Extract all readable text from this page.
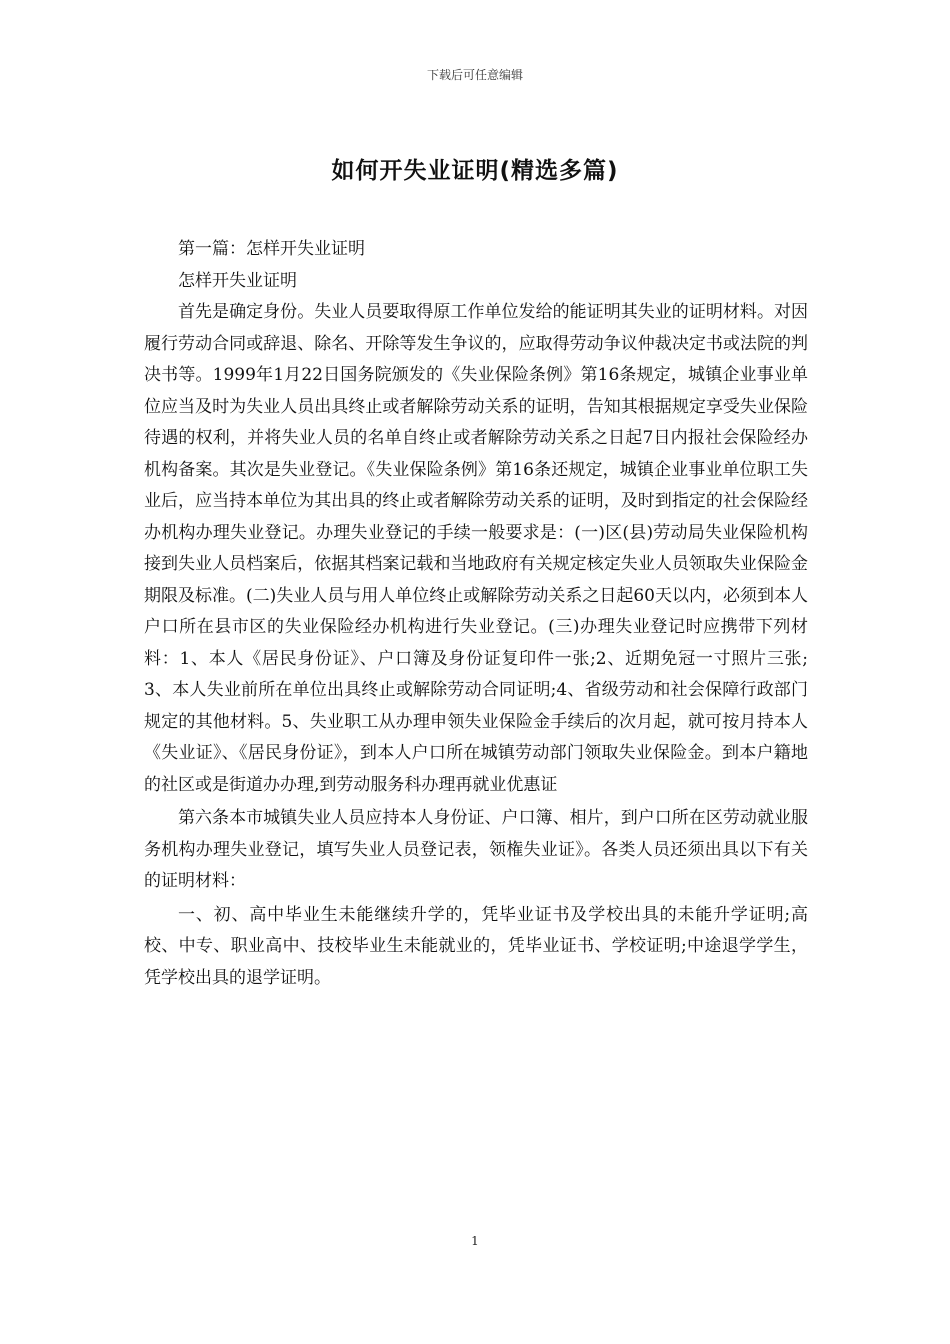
下载后可任意编辑
如何开失业证明(精选多篇)

第一篇：怎样开失业证明

怎样开失业证明

首先是确定身份。失业人员要取得原工作单位发给的能证明其失业的证明材料。对因履行劳动合同或辞退、除名、开除等发生争议的，应取得劳动争议仲裁决定书或法院的判决书等。1999年1月22日国务院颁发的《失业保险条例》第16条规定，城镇企业事业单位应当及时为失业人员出具终止或者解除劳动关系的证明，告知其根据规定享受失业保险待遇的权利，并将失业人员的名单自终止或者解除劳动关系之日起7日内报社会保险经办机构备案。其次是失业登记。《失业保险条例》第16条还规定，城镇企业事业单位职工失业后，应当持本单位为其出具的终止或者解除劳动关系的证明，及时到指定的社会保险经办机构办理失业登记。办理失业登记的手续一般要求是：(一)区(县)劳动局失业保险机构接到失业人员档案后，依据其档案记载和当地政府有关规定核定失业人员领取失业保险金期限及标准。(二)失业人员与用人单位终止或解除劳动关系之日起60天以内，必须到本人户口所在县市区的失业保险经办机构进行失业登记。(三)办理失业登记时应携带下列材料：1、本人《居民身份证》、户口簿及身份证复印件一张;2、近期免冠一寸照片三张;3、本人失业前所在单位出具终止或解除劳动合同证明;4、省级劳动和社会保障行政部门规定的其他材料。5、失业职工从办理申领失业保险金手续后的次月起，就可按月持本人《失业证》、《居民身份证》，到本人户口所在城镇劳动部门领取失业保险金。到本户籍地的社区或是街道办办理,到劳动服务科办理再就业优惠证

第六条本市城镇失业人员应持本人身份证、户口簿、相片，到户口所在区劳动就业服务机构办理失业登记，填写失业人员登记表，领権失业证》。各类人员还须出具以下有关的证明材料：

一、初、高中毕业生未能继续升学的，凭毕业证书及学校出具的未能升学证明;高校、中专、职业高中、技校毕业生未能就业的，凭毕业证书、学校证明;中途退学学生，凭学校出具的退学证明。

1
